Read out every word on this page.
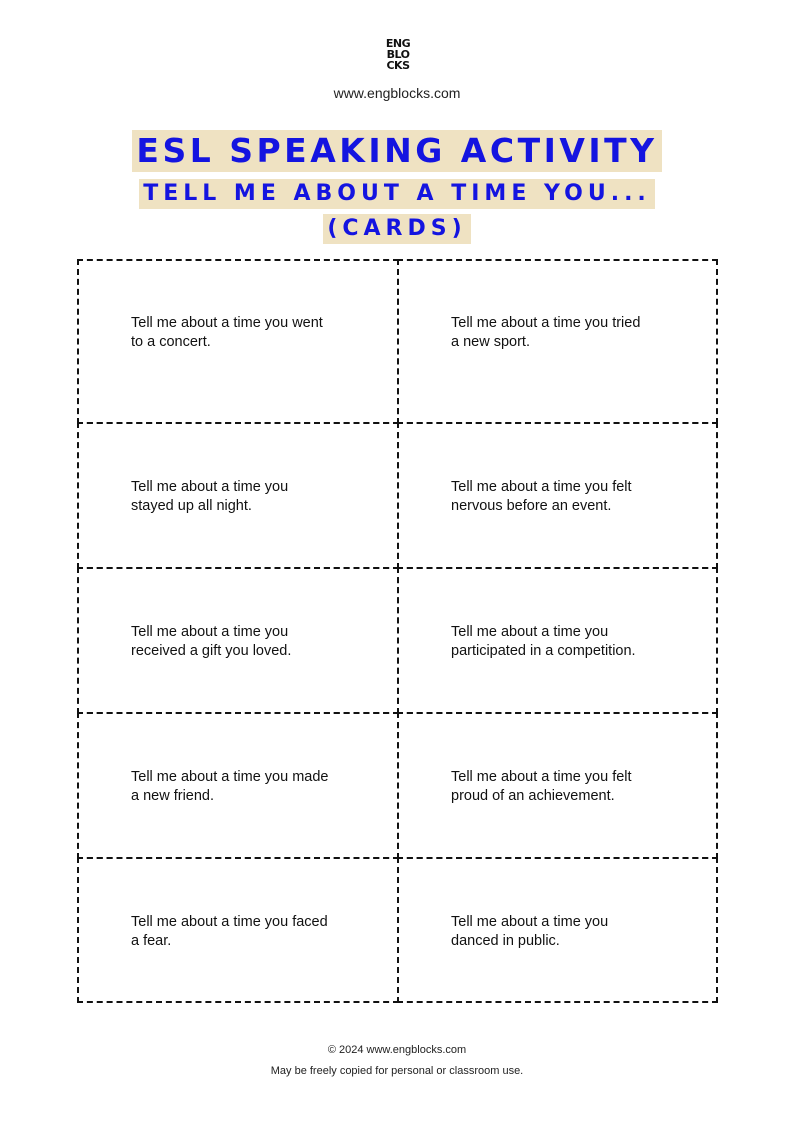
ENG
BLO
CKS
www.engblocks.com
ESL SPEAKING ACTIVITY
TELL ME ABOUT A TIME YOU...
(CARDS)
Tell me about a time you went to a concert.
Tell me about a time you tried a new sport.
Tell me about a time you stayed up all night.
Tell me about a time you felt nervous before an event.
Tell me about a time you received a gift you loved.
Tell me about a time you participated in a competition.
Tell me about a time you made a new friend.
Tell me about a time you felt proud of an achievement.
Tell me about a time you faced a fear.
Tell me about a time you danced in public.
© 2024 www.engblocks.com
May be freely copied for personal or classroom use.
